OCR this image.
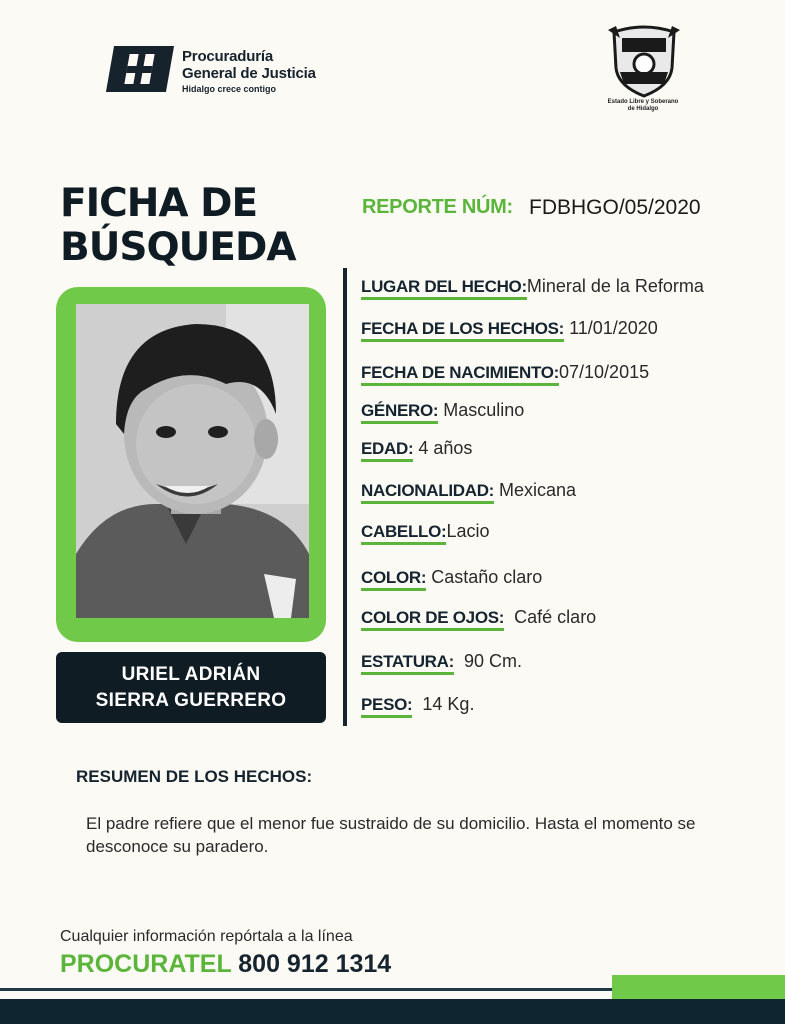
Procuraduría
General de Justicia
Hidalgo crece contigo
Estado Libre y Soberano
de Hidalgo
FICHA DE
BÚSQUEDA
REPORTE NÚM: FDBHGO/05/2020
URIEL ADRIÁN
SIERRA GUERRERO
LUGAR DEL HECHO:Mineral de la Reforma
FECHA DE LOS HECHOS: 11/01/2020
FECHA DE NACIMIENTO:07/10/2015
GÉNERO: Masculino
EDAD: 4 años
NACIONALIDAD: Mexicana
CABELLO:Lacio
COLOR: Castaño claro
COLOR DE OJOS:  Café claro
ESTATURA:  90 Cm.
PESO:  14 Kg.
RESUMEN DE LOS HECHOS:
El padre refiere que el menor fue sustraido de su domicilio. Hasta el momento se desconoce su paradero.
Cualquier información repórtala a la línea
PROCURATEL 800 912 1314
